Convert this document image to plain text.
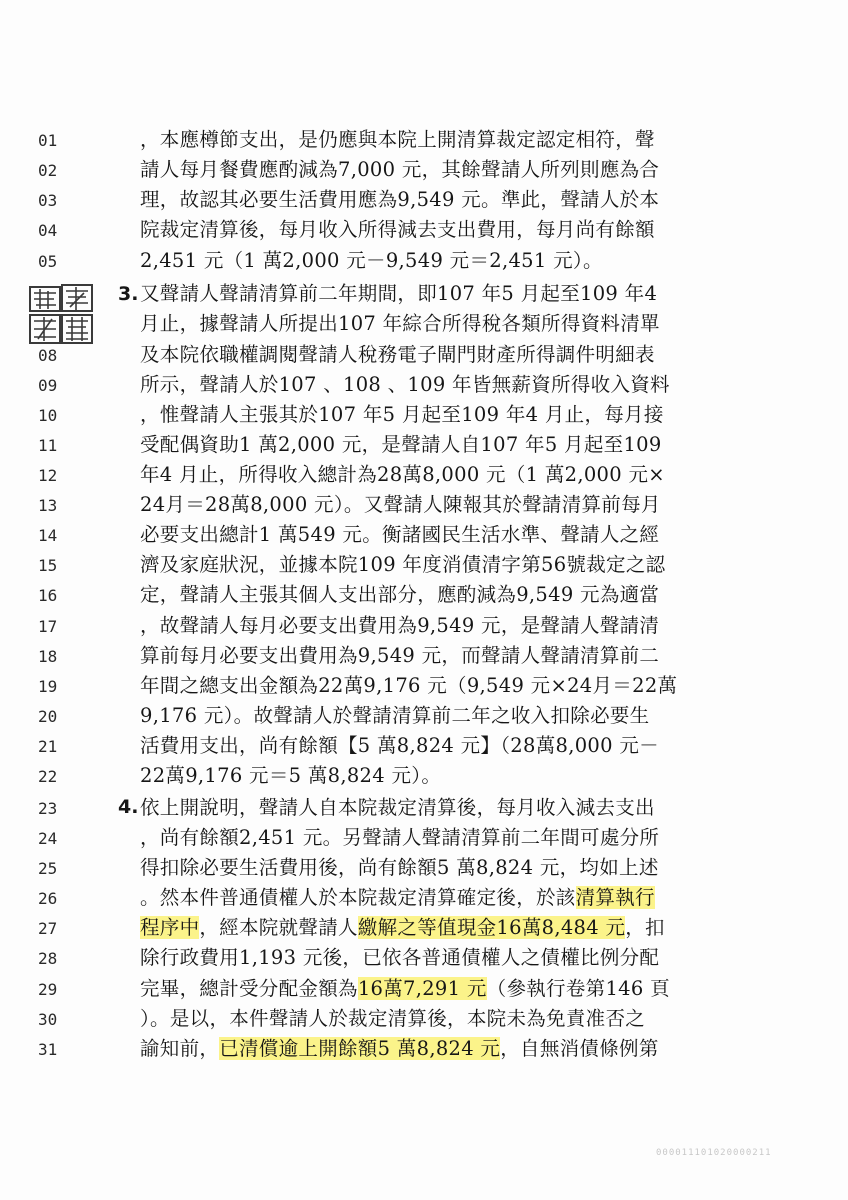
3.
4.
01	，本應樽節支出，是仍應與本院上開清算裁定認定相符，聲
02	請人每月餐費應酌減為7,000 元，其餘聲請人所列則應為合
03	理，故認其必要生活費用應為9,549 元。準此，聲請人於本
04	院裁定清算後，每月收入所得減去支出費用，每月尚有餘額
05	2,451 元（1 萬2,000 元－9,549 元＝2,451 元）。
又聲請人聲請清算前二年期間，即107 年5 月起至109 年4
月止，據聲請人所提出107 年綜合所得稅各類所得資料清單
08	及本院依職權調閱聲請人稅務電子閘門財產所得調件明細表
09	所示，聲請人於107 、108 、109 年皆無薪資所得收入資料
10	，惟聲請人主張其於107 年5 月起至109 年4 月止，每月接
11	受配偶資助1 萬2,000 元，是聲請人自107 年5 月起至109
12	年4 月止，所得收入總計為28萬8,000 元（1 萬2,000 元×
13	24月＝28萬8,000 元）。又聲請人陳報其於聲請清算前每月
14	必要支出總計1 萬549 元。衡諸國民生活水準、聲請人之經
15	濟及家庭狀況，並據本院109 年度消債清字第56號裁定之認
16	定，聲請人主張其個人支出部分，應酌減為9,549 元為適當
17	，故聲請人每月必要支出費用為9,549 元，是聲請人聲請清
18	算前每月必要支出費用為9,549 元，而聲請人聲請清算前二
19	年間之總支出金額為22萬9,176 元（9,549 元×24月＝22萬
20	9,176 元）。故聲請人於聲請清算前二年之收入扣除必要生
21	活費用支出，尚有餘額【5 萬8,824 元】（28萬8,000 元－
22	22萬9,176 元＝5 萬8,824 元）。
23	依上開說明，聲請人自本院裁定清算後，每月收入減去支出
24	，尚有餘額2,451 元。另聲請人聲請清算前二年間可處分所
25	得扣除必要生活費用後，尚有餘額5 萬8,824 元，均如上述
26	。然本件普通債權人於本院裁定清算確定後，於該清算執行
27	程序中，經本院就聲請人繳解之等值現金16萬8,484 元，扣
28	除行政費用1,193 元後，已依各普通債權人之債權比例分配
29	完畢，總計受分配金額為16萬7,291 元（參執行卷第146 頁
30	）。是以，本件聲請人於裁定清算後，本院未為免責准否之
31	諭知前，已清償逾上開餘額5 萬8,824 元，自無消債條例第
000011101020000211
